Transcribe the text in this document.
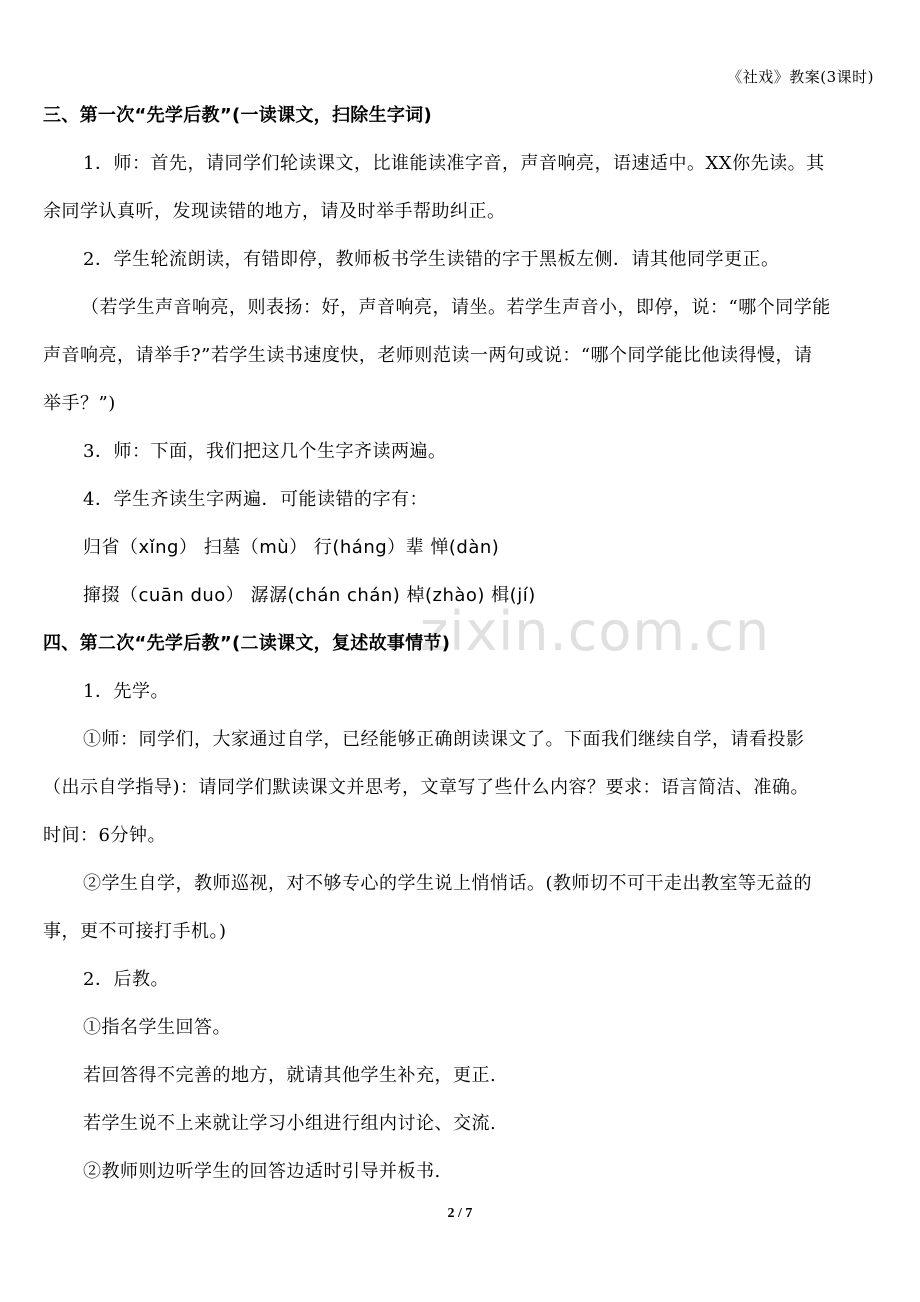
《社戏》教案(3课时)
zixin.com.cn
三、第一次“先学后教”(一读课文，扫除生字词)
1．师：首先，请同学们轮读课文，比谁能读准字音，声音响亮，语速适中。XX你先读。其
余同学认真听，发现读错的地方，请及时举手帮助纠正。
2．学生轮流朗读，有错即停，教师板书学生读错的字于黑板左侧．请其他同学更正。
（若学生声音响亮，则表扬：好，声音响亮，请坐。若学生声音小，即停，说：“哪个同学能
声音响亮，请举手?”若学生读书速度快，老师则范读一两句或说：“哪个同学能比他读得慢，请
举手？”)
3．师：下面，我们把这几个生字齐读两遍。
4．学生齐读生字两遍．可能读错的字有：
归省（xǐng） 扫墓（mù） 行(háng）辈 惮(dàn)
撺掇（cuān duo） 潺潺(chán chán) 棹(zhào) 楫(jí)
四、第二次“先学后教”(二读课文，复述故事情节)
1．先学。
①师：同学们，大家通过自学，已经能够正确朗读课文了。下面我们继续自学，请看投影
（出示自学指导)：请同学们默读课文并思考，文章写了些什么内容？要求：语言简洁、准确。
时间：6分钟。
②学生自学，教师巡视，对不够专心的学生说上悄悄话。(教师切不可干走出教室等无益的
事，更不可接打手机。)
2．后教。
①指名学生回答。
若回答得不完善的地方，就请其他学生补充，更正.
若学生说不上来就让学习小组进行组内讨论、交流.
②教师则边听学生的回答边适时引导并板书.
2 / 7
